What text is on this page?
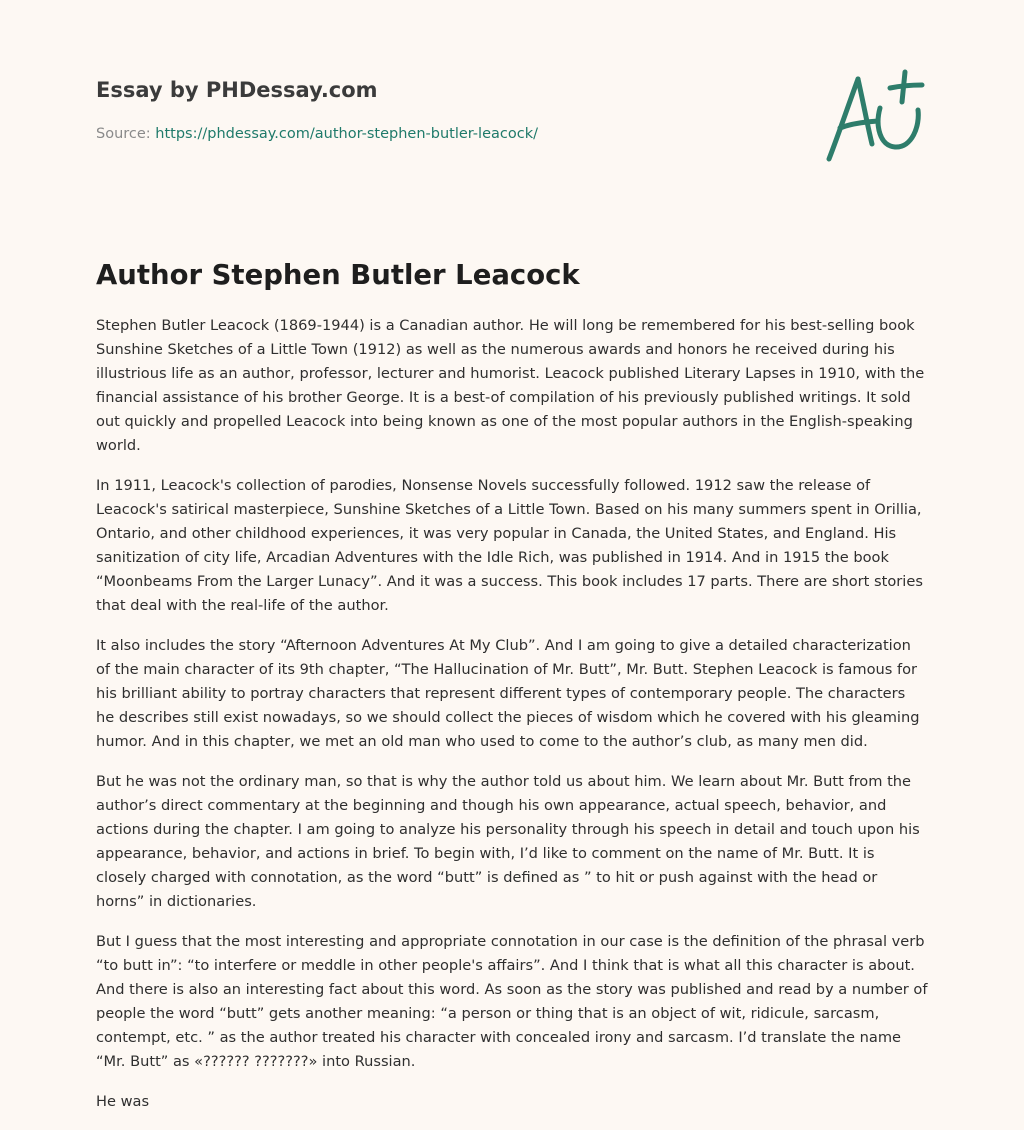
Essay by PHDessay.com
Source: https://phdessay.com/author-stephen-butler-leacock/
Author Stephen Butler Leacock

Stephen Butler Leacock (1869-1944) is a Canadian author. He will long be remembered for his best-selling book Sunshine Sketches of a Little Town (1912) as well as the numerous awards and honors he received during his illustrious life as an author, professor, lecturer and humorist. Leacock published Literary Lapses in 1910, with the financial assistance of his brother George. It is a best-of compilation of his previously published writings. It sold out quickly and propelled Leacock into being known as one of the most popular authors in the English-speaking world.

In 1911, Leacock's collection of parodies, Nonsense Novels successfully followed. 1912 saw the release of Leacock's satirical masterpiece, Sunshine Sketches of a Little Town. Based on his many summers spent in Orillia, Ontario, and other childhood experiences, it was very popular in Canada, the United States, and England. His sanitization of city life, Arcadian Adventures with the Idle Rich, was published in 1914. And in 1915 the book “Moonbeams From the Larger Lunacy”. And it was a success. This book includes 17 parts. There are short stories that deal with the real-life of the author.

It also includes the story “Afternoon Adventures At My Club”. And I am going to give a detailed characterization of the main character of its 9th chapter, “The Hallucination of Mr. Butt”, Mr. Butt. Stephen Leacock is famous for his brilliant ability to portray characters that represent different types of contemporary people. The characters he describes still exist nowadays, so we should collect the pieces of wisdom which he covered with his gleaming humor. And in this chapter, we met an old man who used to come to the author’s club, as many men did.

But he was not the ordinary man, so that is why the author told us about him. We learn about Mr. Butt from the author’s direct commentary at the beginning and though his own appearance, actual speech, behavior, and actions during the chapter. I am going to analyze his personality through his speech in detail and touch upon his appearance, behavior, and actions in brief. To begin with, I’d like to comment on the name of Mr. Butt. It is closely charged with connotation, as the word “butt” is defined as ” to hit or push against with the head or horns” in dictionaries.

But I guess that the most interesting and appropriate connotation in our case is the definition of the phrasal verb “to butt in”: “to interfere or meddle in other people's affairs”. And I think that is what all this character is about. And there is also an interesting fact about this word. As soon as the story was published and read by a number of people the word “butt” gets another meaning: “a person or thing that is an object of wit, ridicule, sarcasm, contempt, etc. ” as the author treated his character with concealed irony and sarcasm. I’d translate the name “Mr. Butt” as «?????? ???????» into Russian.

He was
